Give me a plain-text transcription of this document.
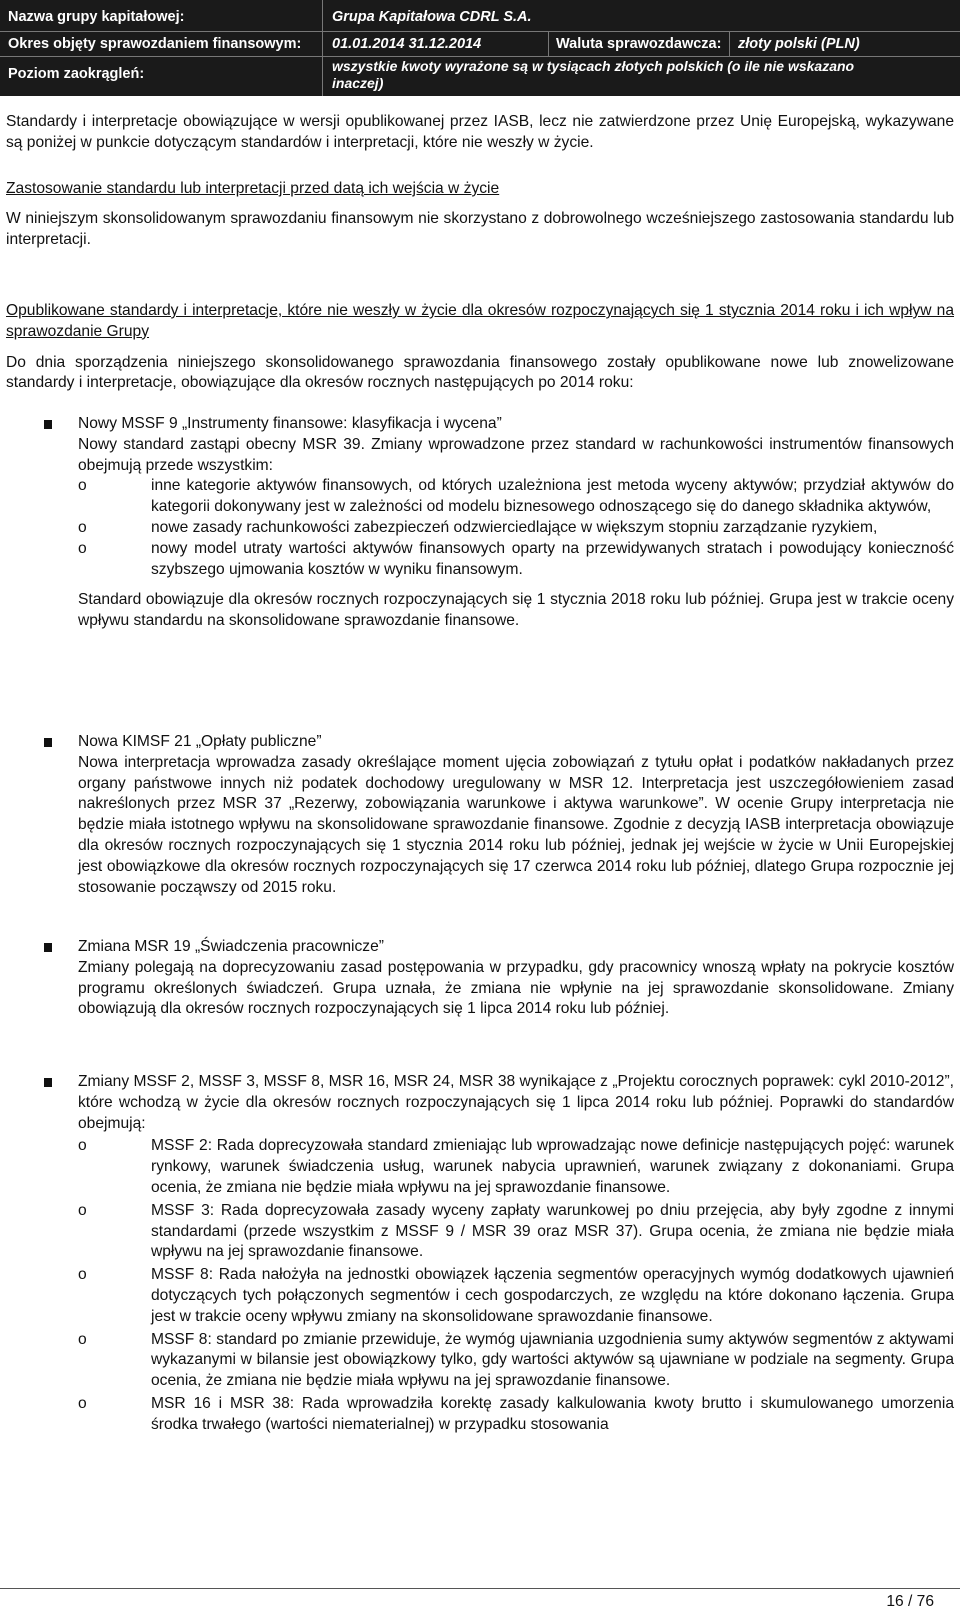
Nazwa grupy kapitałowej:	Grupa Kapitałowa CDRL S.A.
Okres objęty sprawozdaniem finansowym: 01.01.2014 31.12.2014	Waluta sprawozdawcza: złoty polski (PLN)
Poziom zaokrągleń:	wszystkie kwoty wyrażone są w tysiącach złotych polskich (o ile nie wskazano inaczej)

Standardy i interpretacje obowiązujące w wersji opublikowanej przez IASB, lecz nie zatwierdzone przez Unię Europejską, wykazywane są poniżej w punkcie dotyczącym standardów i interpretacji, które nie weszły w życie.

Zastosowanie standardu lub interpretacji przed datą ich wejścia w życie

W niniejszym skonsolidowanym sprawozdaniu finansowym nie skorzystano z dobrowolnego wcześniejszego zastosowania standardu lub interpretacji.

Opublikowane standardy i interpretacje, które nie weszły w życie dla okresów rozpoczynających się 1 stycznia 2014 roku i ich wpływ na sprawozdanie Grupy

Do dnia sporządzenia niniejszego skonsolidowanego sprawozdania finansowego zostały opublikowane nowe lub znowelizowane standardy i interpretacje, obowiązujące dla okresów rocznych następujących po 2014 roku:

Nowy MSSF 9 „Instrumenty finansowe: klasyfikacja i wycena”

Nowy standard zastąpi obecny MSR 39. Zmiany wprowadzone przez standard w rachunkowości instrumentów finansowych obejmują przede wszystkim:

o	inne kategorie aktywów finansowych, od których uzależniona jest metoda wyceny aktywów; przydział aktywów do kategorii dokonywany jest w zależności od modelu biznesowego odnoszącego się do danego składnika aktywów,

o	nowe zasady rachunkowości zabezpieczeń odzwierciedlające w większym stopniu zarządzanie ryzykiem,

o	nowy model utraty wartości aktywów finansowych oparty na przewidywanych stratach i powodujący konieczność szybszego ujmowania kosztów w wyniku finansowym.

Standard obowiązuje dla okresów rocznych rozpoczynających się 1 stycznia 2018 roku lub później. Grupa jest w trakcie oceny wpływu standardu na skonsolidowane sprawozdanie finansowe.

Nowa KIMSF 21 „Opłaty publiczne”

Nowa interpretacja wprowadza zasady określające moment ujęcia zobowiązań z tytułu opłat i podatków nakładanych przez organy państwowe innych niż podatek dochodowy uregulowany w MSR 12. Interpretacja jest uszczegółowieniem zasad nakreślonych przez MSR 37 „Rezerwy, zobowiązania warunkowe i aktywa warunkowe”. W ocenie Grupy interpretacja nie będzie miała istotnego wpływu na skonsolidowane sprawozdanie finansowe. Zgodnie z decyzją IASB interpretacja obowiązuje dla okresów rocznych rozpoczynających się 1 stycznia 2014 roku lub później, jednak jej wejście w życie w Unii Europejskiej jest obowiązkowe dla okresów rocznych rozpoczynających się 17 czerwca 2014 roku lub później, dlatego Grupa rozpocznie jej stosowanie począwszy od 2015 roku.

Zmiana MSR 19 „Świadczenia pracownicze”

Zmiany polegają na doprecyzowaniu zasad postępowania w przypadku, gdy pracownicy wnoszą wpłaty na pokrycie kosztów programu określonych świadczeń. Grupa uznała, że zmiana nie wpłynie na jej sprawozdanie skonsolidowane. Zmiany obowiązują dla okresów rocznych rozpoczynających się 1 lipca 2014 roku lub później.

Zmiany MSSF 2, MSSF 3, MSSF 8, MSR 16, MSR 24, MSR 38 wynikające z „Projektu corocznych poprawek: cykl 2010-2012”, które wchodzą w życie dla okresów rocznych rozpoczynających się 1 lipca 2014 roku lub później. Poprawki do standardów obejmują:

o	MSSF 2: Rada doprecyzowała standard zmieniając lub wprowadzając nowe definicje następujących pojęć: warunek rynkowy, warunek świadczenia usług, warunek nabycia uprawnień, warunek związany z dokonaniami. Grupa ocenia, że zmiana nie będzie miała wpływu na jej sprawozdanie finansowe.

o	MSSF 3: Rada doprecyzowała zasady wyceny zapłaty warunkowej po dniu przejęcia, aby były zgodne z innymi standardami (przede wszystkim z MSSF 9 / MSR 39 oraz MSR 37). Grupa ocenia, że zmiana nie będzie miała wpływu na jej sprawozdanie finansowe.

o	MSSF 8: Rada nałożyła na jednostki obowiązek łączenia segmentów operacyjnych wymóg dodatkowych ujawnień dotyczących tych połączonych segmentów i cech gospodarczych, ze względu na które dokonano łączenia. Grupa jest w trakcie oceny wpływu zmiany na skonsolidowane sprawozdanie finansowe.

o	MSSF 8: standard po zmianie przewiduje, że wymóg ujawniania uzgodnienia sumy aktywów segmentów z aktywami wykazanymi w bilansie jest obowiązkowy tylko, gdy wartości aktywów są ujawniane w podziale na segmenty. Grupa ocenia, że zmiana nie będzie miała wpływu na jej sprawozdanie finansowe.

o	MSR 16 i MSR 38: Rada wprowadziła korektę zasady kalkulowania kwoty brutto i skumulowanego umorzenia środka trwałego (wartości niematerialnej) w przypadku stosowania

16 / 76
